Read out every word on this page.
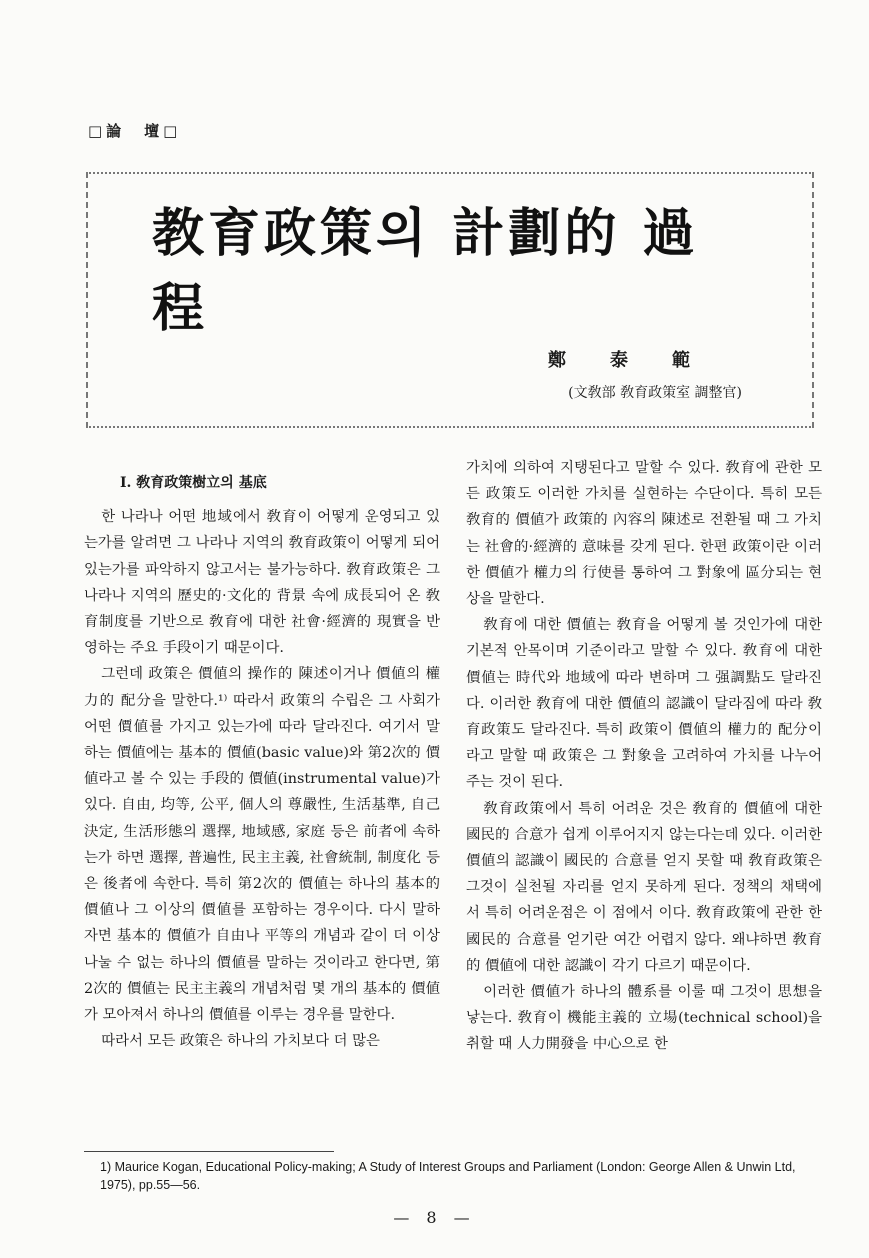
□論　壇□
教育政策의 計劃的 過程
鄭泰範
(文敎部 敎育政策室 調整官)
Ⅰ. 敎育政策樹立의 基底

한 나라나 어떤 地域에서 敎育이 어떻게 운영되고 있는가를 알려면 그 나라나 지역의 敎育政策이 어떻게 되어 있는가를 파악하지 않고서는 불가능하다. 敎育政策은 그 나라나 지역의 歷史的·文化的 背景 속에 成長되어 온 敎育制度를 기반으로 敎育에 대한 社會·經濟的 現實을 반영하는 주요 手段이기 때문이다.

그런데 政策은 價値의 操作的 陳述이거나 價値의 權力的 配分을 말한다.¹⁾ 따라서 政策의 수립은 그 사회가 어떤 價値를 가지고 있는가에 따라 달라진다. 여기서 말하는 價値에는 基本的 價値(basic value)와 第2次的 價値라고 볼 수 있는 手段的 價値(instrumental value)가 있다. 自由, 均等, 公平, 個人의 尊嚴性, 生活基準, 自己決定, 生活形態의 選擇, 地域感, 家庭 등은 前者에 속하는가 하면 選擇, 普遍性, 民主主義, 社會統制, 制度化 등은 後者에 속한다. 특히 第2次的 價値는 하나의 基本的 價値나 그 이상의 價値를 포함하는 경우이다. 다시 말하자면 基本的 價値가 自由나 平等의 개념과 같이 더 이상 나눌 수 없는 하나의 價値를 말하는 것이라고 한다면, 第2次的 價値는 民主主義의 개념처럼 몇 개의 基本的 價値가 모아져서 하나의 價値를 이루는 경우를 말한다.

따라서 모든 政策은 하나의 가치보다 더 많은

가치에 의하여 지탱된다고 말할 수 있다. 敎育에 관한 모든 政策도 이러한 가치를 실현하는 수단이다. 특히 모든 敎育的 價値가 政策的 內容의 陳述로 전환될 때 그 가치는 社會的·經濟的 意味를 갖게 된다. 한편 政策이란 이러한 價値가 權力의 行使를 통하여 그 對象에 區分되는 현상을 말한다.

敎育에 대한 價値는 敎育을 어떻게 볼 것인가에 대한 기본적 안목이며 기준이라고 말할 수 있다. 敎育에 대한 價値는 時代와 地域에 따라 변하며 그 强調點도 달라진다. 이러한 敎育에 대한 價値의 認識이 달라짐에 따라 敎育政策도 달라진다. 특히 政策이 價値의 權力的 配分이라고 말할 때 政策은 그 對象을 고려하여 가치를 나누어 주는 것이 된다.

敎育政策에서 특히 어려운 것은 敎育的 價値에 대한 國民的 合意가 쉽게 이루어지지 않는다는데 있다. 이러한 價値의 認識이 國民的 合意를 얻지 못할 때 敎育政策은 그것이 실천될 자리를 얻지 못하게 된다. 정책의 채택에서 특히 어려운점은 이 점에서 이다. 敎育政策에 관한 한 國民的 合意를 얻기란 여간 어렵지 않다. 왜냐하면 敎育的 價値에 대한 認識이 각기 다르기 때문이다.

이러한 價値가 하나의 體系를 이룰 때 그것이 思想을 낳는다. 敎育이 機能主義的 立場(technical school)을 취할 때 人力開發을 中心으로 한

1) Maurice Kogan, Educational Policy-making; A Study of Interest Groups and Parliament (London: George Allen & Unwin Ltd, 1975), pp.55—56.
— 8 —
